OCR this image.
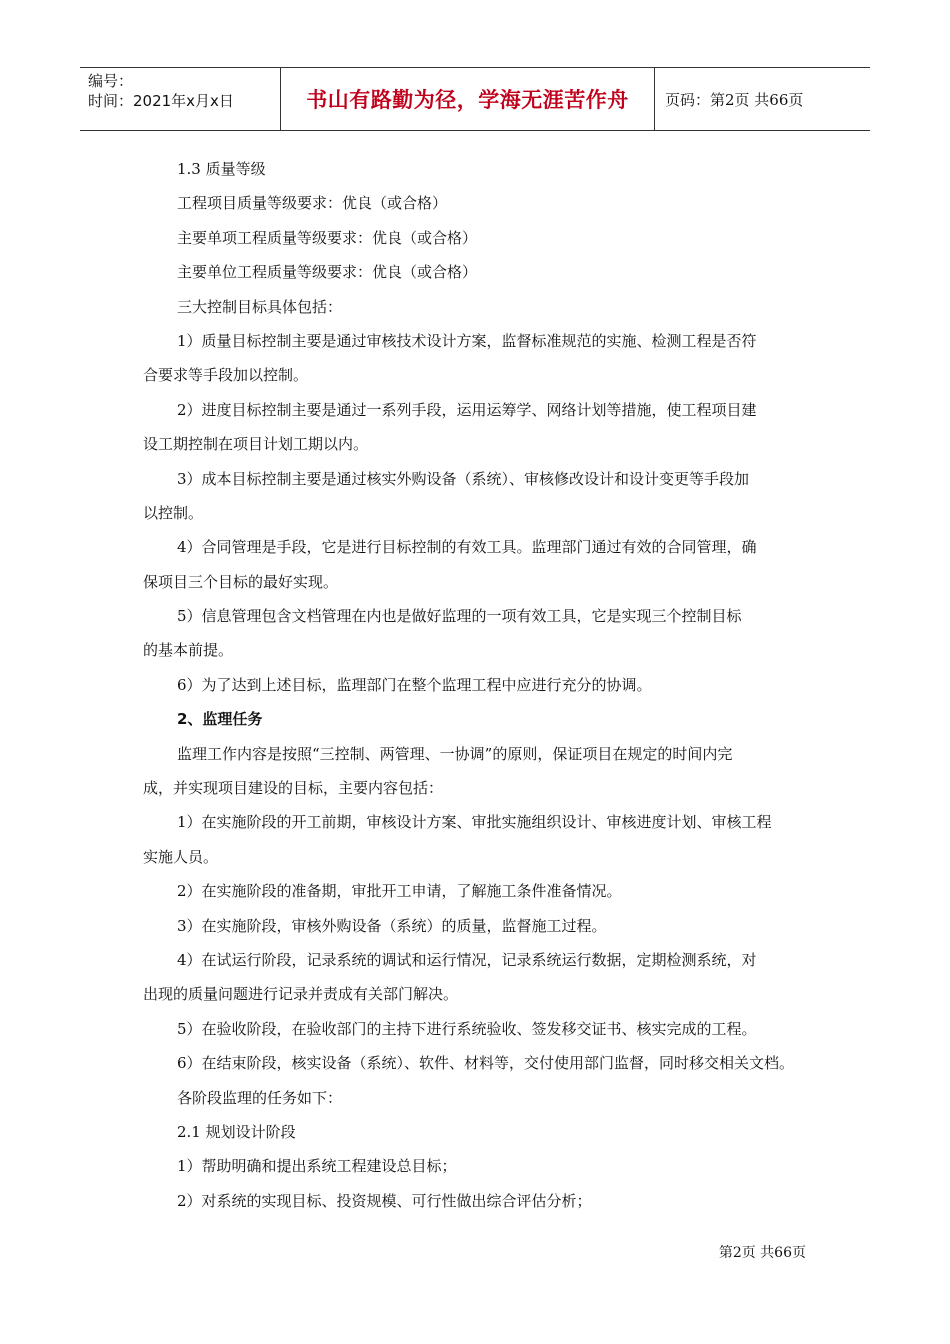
编号：
时间：2021年x月x日	书山有路勤为径，学海无涯苦作舟 页码：第2页 共66页
1.3 质量等级
工程项目质量等级要求：优良（或合格）
主要单项工程质量等级要求：优良（或合格）
主要单位工程质量等级要求：优良（或合格）
三大控制目标具体包括：
1）质量目标控制主要是通过审核技术设计方案，监督标准规范的实施、检测工程是否符
合要求等手段加以控制。
2）进度目标控制主要是通过一系列手段，运用运筹学、网络计划等措施，使工程项目建
设工期控制在项目计划工期以内。
3）成本目标控制主要是通过核实外购设备（系统）、审核修改设计和设计变更等手段加
以控制。
4）合同管理是手段，它是进行目标控制的有效工具。监理部门通过有效的合同管理，确
保项目三个目标的最好实现。
5）信息管理包含文档管理在内也是做好监理的一项有效工具，它是实现三个控制目标
的基本前提。
6）为了达到上述目标，监理部门在整个监理工程中应进行充分的协调。
2、监理任务
监理工作内容是按照“三控制、两管理、一协调”的原则，保证项目在规定的时间内完
成，并实现项目建设的目标，主要内容包括：
1）在实施阶段的开工前期，审核设计方案、审批实施组织设计、审核进度计划、审核工程
实施人员。
2）在实施阶段的准备期，审批开工申请，了解施工条件准备情况。
3）在实施阶段，审核外购设备（系统）的质量，监督施工过程。
4）在试运行阶段，记录系统的调试和运行情况，记录系统运行数据，定期检测系统，对
出现的质量问题进行记录并责成有关部门解决。
5）在验收阶段，在验收部门的主持下进行系统验收、签发移交证书、核实完成的工程。
6）在结束阶段，核实设备（系统）、软件、材料等，交付使用部门监督，同时移交相关文档。
各阶段监理的任务如下：
2.1 规划设计阶段
1）帮助明确和提出系统工程建设总目标；
2）对系统的实现目标、投资规模、可行性做出综合评估分析；
第2页 共66页
